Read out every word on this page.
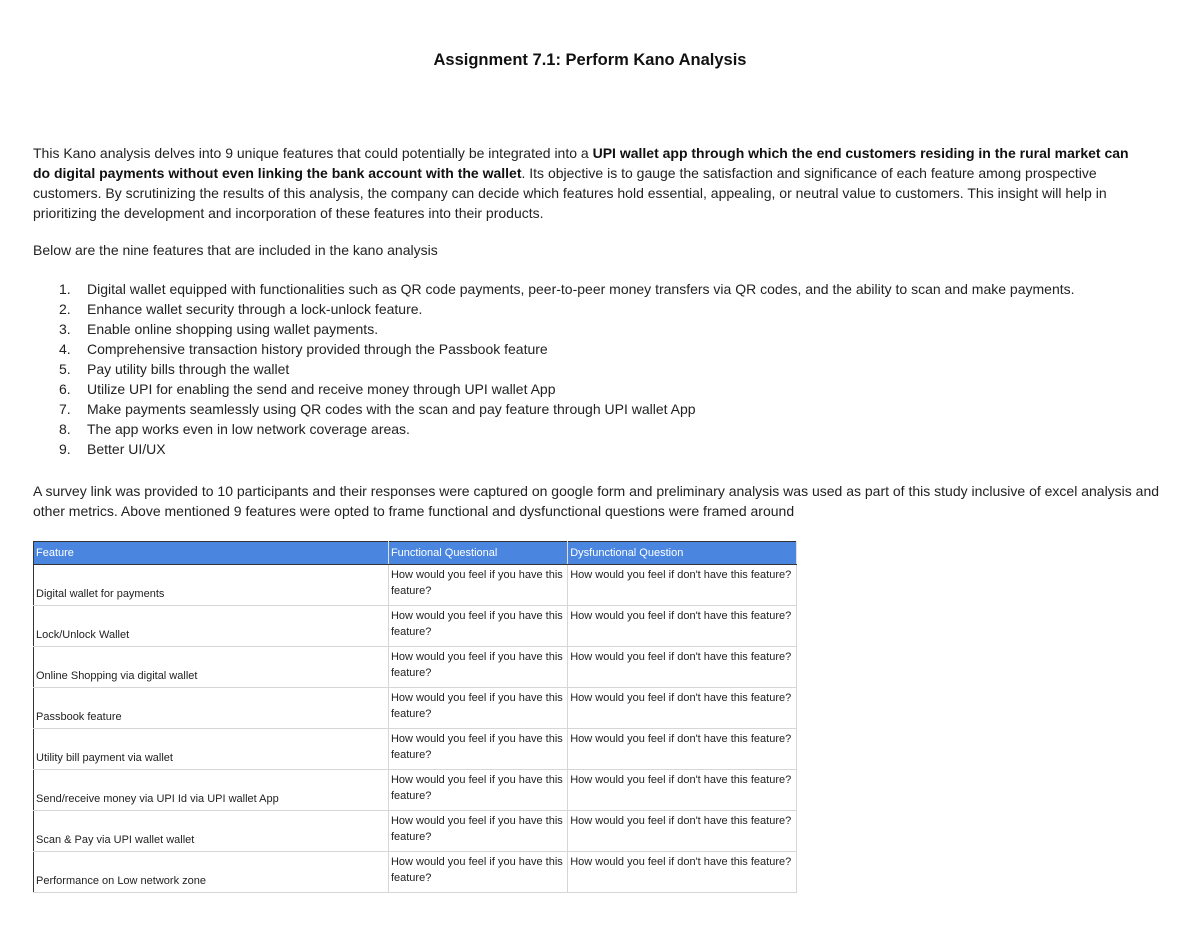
Assignment 7.1: Perform Kano Analysis

This Kano analysis delves into 9 unique features that could potentially be integrated into a UPI wallet app through which the end customers residing in the rural market can do digital payments without even linking the bank account with the wallet. Its objective is to gauge the satisfaction and significance of each feature among prospective customers. By scrutinizing the results of this analysis, the company can decide which features hold essential, appealing, or neutral value to customers. This insight will help in prioritizing the development and incorporation of these features into their products.

Below are the nine features that are included in the kano analysis
1.	Digital wallet equipped with functionalities such as QR code payments, peer-to-peer money transfers via QR codes, and the ability to scan and make payments.
2.	Enhance wallet security through a lock-unlock feature.
3.	Enable online shopping using wallet payments.
4.	Comprehensive transaction history provided through the Passbook feature
5.	Pay utility bills through the wallet
6.	Utilize UPI for enabling the send and receive money through UPI wallet App
7.	Make payments seamlessly using QR codes with the scan and pay feature through UPI wallet App
8.	The app works even in low network coverage areas.
9.	Better UI/UX

A survey link was provided to 10 participants and their responses were captured on google form and preliminary analysis was used as part of this study inclusive of excel analysis and other metrics. Above mentioned 9 features were opted to frame functional and dysfunctional questions were framed around

Feature	Functional Questional	Dysfunctional Question
Digital wallet for payments	How would you feel if you have this feature?	How would you feel if don't have this feature?
Lock/Unlock Wallet	How would you feel if you have this feature?	How would you feel if don't have this feature?
Online Shopping via digital wallet	How would you feel if you have this feature?	How would you feel if don't have this feature?
Passbook feature	How would you feel if you have this feature?	How would you feel if don't have this feature?
Utility bill payment via wallet	How would you feel if you have this feature?	How would you feel if don't have this feature?
Send/receive money via UPI Id via UPI wallet App	How would you feel if you have this feature?	How would you feel if don't have this feature?
Scan & Pay via UPI wallet wallet	How would you feel if you have this feature?	How would you feel if don't have this feature?
Performance on Low network zone	How would you feel if you have this feature?	How would you feel if don't have this feature?
